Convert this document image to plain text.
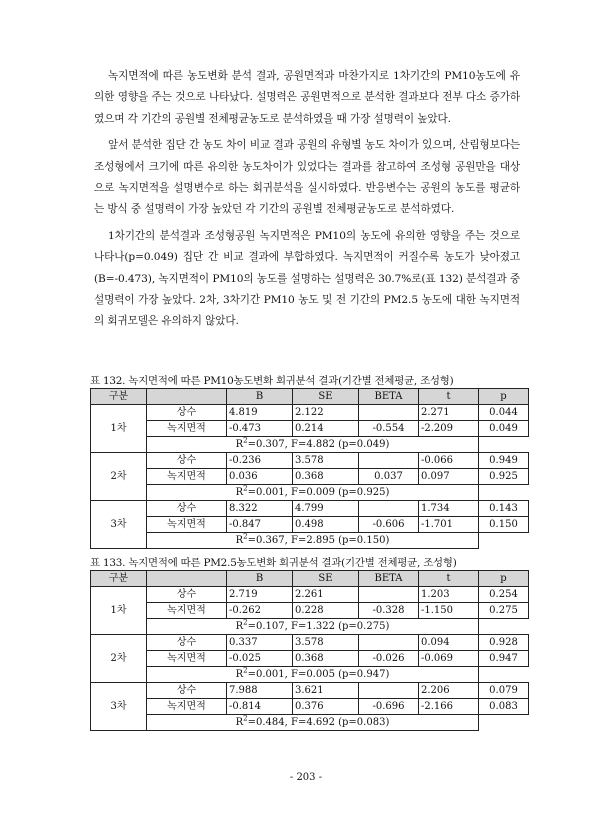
녹지면적에 따른 농도변화 분석 결과, 공원면적과 마찬가지로 1차기간의 PM10농도에 유의한 영향을 주는 것으로 나타났다. 설명력은 공원면적으로 분석한 결과보다 전부 다소 증가하였으며 각 기간의 공원별 전체평균농도로 분석하였을 때 가장 설명력이 높았다.

앞서 분석한 집단 간 농도 차이 비교 결과 공원의 유형별 농도 차이가 있으며, 산림형보다는 조성형에서 크기에 따른 유의한 농도차이가 있었다는 결과를 참고하여 조성형 공원만을 대상으로 녹지면적을 설명변수로 하는 회귀분석을 실시하였다. 반응변수는 공원의 농도를 평균하는 방식 중 설명력이 가장 높았던 각 기간의 공원별 전체평균농도로 분석하였다.

1차기간의 분석결과 조성형공원 녹지면적은 PM10의 농도에 유의한 영향을 주는 것으로 나타나(p=0.049) 집단 간 비교 결과에 부합하였다. 녹지면적이 커질수록 농도가 낮아졌고(B=-0.473), 녹지면적이 PM10의 농도를 설명하는 설명력은 30.7%로(표 132) 분석결과 중 설명력이 가장 높았다. 2차, 3차기간 PM10 농도 및 전 기간의 PM2.5 농도에 대한 녹지면적의 회귀모델은 유의하지 않았다.

표 132. 녹지면적에 따른 PM10농도변화 회귀분석 결과(기간별 전체평균, 조성형)
구분		B	SE	BETA	t	p
1차	상수	4.819	2.122		2.271	0.044
	녹지면적	-0.473	0.214	-0.554	-2.209	0.049
	$R^2=0.307$, F=4.882 (p=0.049)					
2차	상수	-0.236	3.578		-0.066	0.949
	녹지면적	0.036	0.368	0.037	0.097	0.925
	$R^2=0.001$, F=0.009 (p=0.925)					
3차	상수	8.322	4.799		1.734	0.143
	녹지면적	-0.847	0.498	-0.606	-1.701	0.150
	$R^2=0.367$, F=2.895 (p=0.150)					
표 133. 녹지면적에 따른 PM2.5농도변화 회귀분석 결과(기간별 전체평균, 조성형)
구분		B	SE	BETA	t	p
1차	상수	2.719	2.261		1.203	0.254
	녹지면적	-0.262	0.228	-0.328	-1.150	0.275
	$R^2=0.107$, F=1.322 (p=0.275)					
2차	상수	0.337	3.578		0.094	0.928
	녹지면적	-0.025	0.368	-0.026	-0.069	0.947
	$R^2=0.001$, F=0.005 (p=0.947)					
3차	상수	7.988	3.621		2.206	0.079
	녹지면적	-0.814	0.376	-0.696	-2.166	0.083
	$R^2=0.484$, F=4.692 (p=0.083)					
- 203 -
